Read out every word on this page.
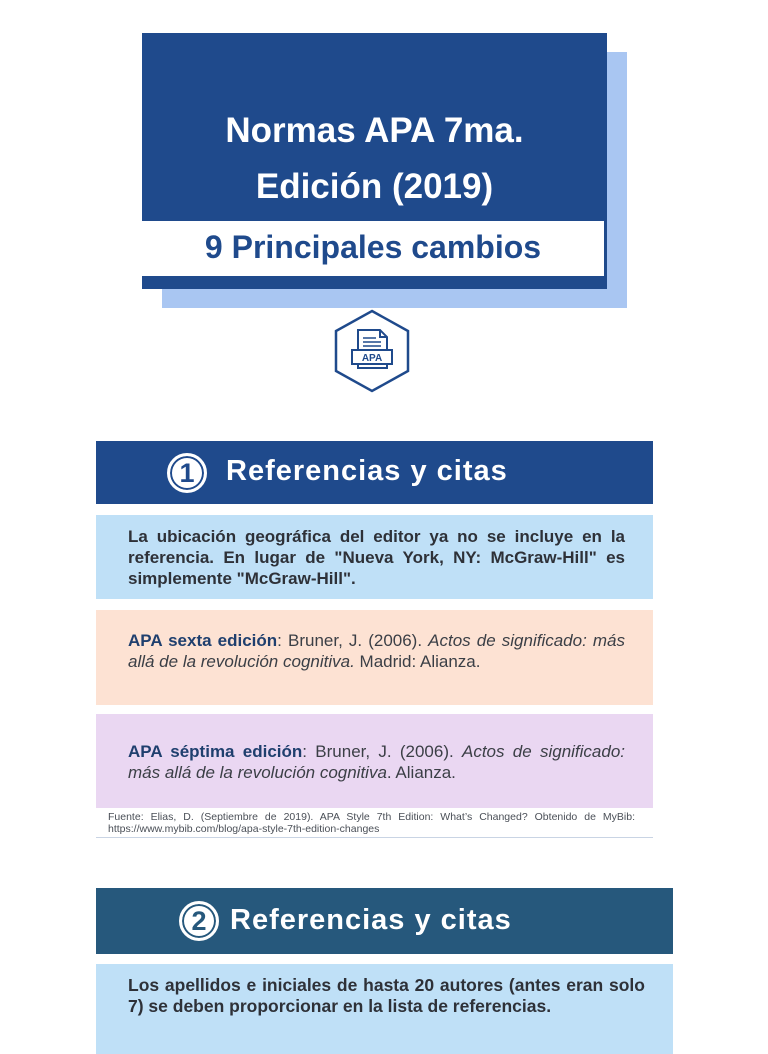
Normas APA 7ma.
Edición (2019)
9 Principales cambios
APA
1	Referencias y citas
La ubicación geográfica del editor ya no se incluye en la referencia. En lugar de "Nueva York, NY: McGraw-Hill" es simplemente "McGraw-Hill".
APA sexta edición: Bruner, J. (2006). Actos de significado: más allá de la revolución cognitiva. Madrid: Alianza.
APA séptima edición: Bruner, J. (2006). Actos de significado: más allá de la revolución cognitiva. Alianza.
Fuente: Elias, D. (Septiembre de 2019). APA Style 7th Edition: What’s Changed? Obtenido de MyBib: https://www.mybib.com/blog/apa-style-7th-edition-changes
2 Referencias y citas
Los apellidos e iniciales de hasta 20 autores (antes eran solo 7) se deben proporcionar en la lista de referencias.
